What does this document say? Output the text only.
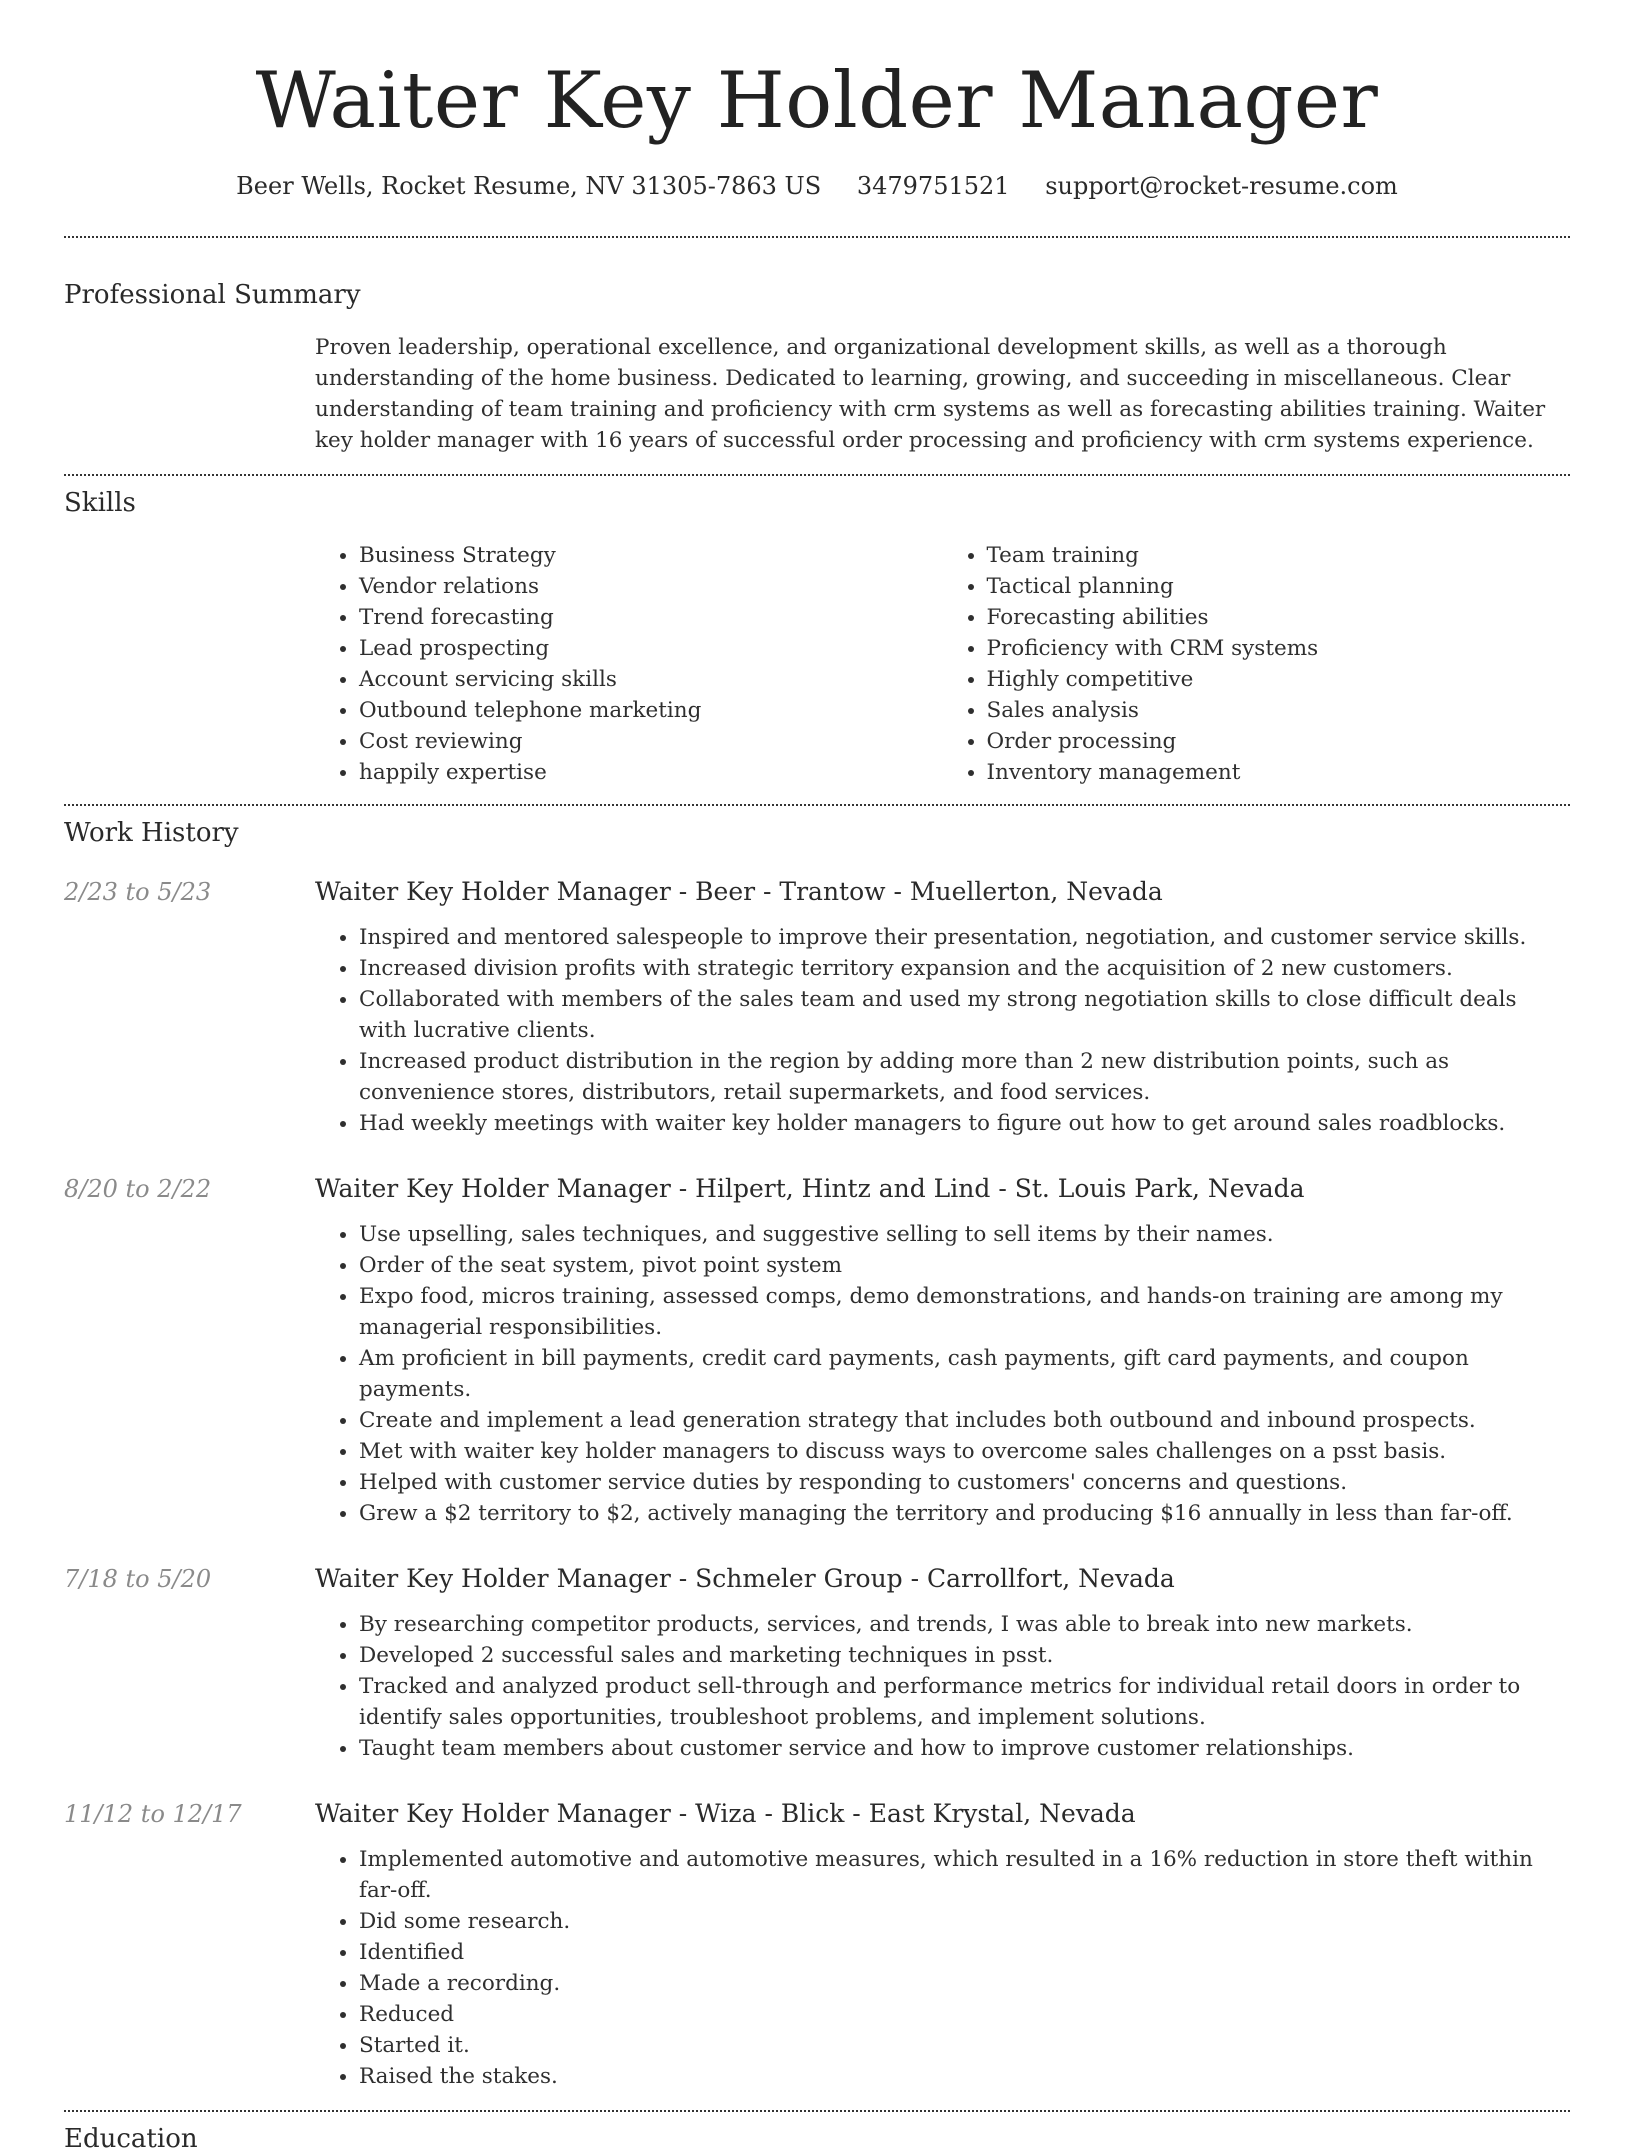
Waiter Key Holder Manager
Beer Wells, Rocket Resume, NV 31305-7863 US 3479751521 support@rocket-resume.com
Professional Summary
Proven leadership, operational excellence, and organizational development skills, as well as a thorough understanding of the home business. Dedicated to learning, growing, and succeeding in miscellaneous. Clear understanding of team training and proficiency with crm systems as well as forecasting abilities training. Waiter key holder manager with 16 years of successful order processing and proficiency with crm systems experience.
Skills
• Business Strategy
• Vendor relations
• Trend forecasting
• Lead prospecting
• Account servicing skills
• Outbound telephone marketing
• Cost reviewing
• happily expertise
• Team training
• Tactical planning
• Forecasting abilities
• Proficiency with CRM systems
• Highly competitive
• Sales analysis
• Order processing
• Inventory management
Work History
2/23 to 5/23	Waiter Key Holder Manager - Beer - Trantow - Muellerton, Nevada
• Inspired and mentored salespeople to improve their presentation, negotiation, and customer service skills.
• Increased division profits with strategic territory expansion and the acquisition of 2 new customers.
• Collaborated with members of the sales team and used my strong negotiation skills to close difficult deals with lucrative clients.
• Increased product distribution in the region by adding more than 2 new distribution points, such as convenience stores, distributors, retail supermarkets, and food services.
• Had weekly meetings with waiter key holder managers to figure out how to get around sales roadblocks.
8/20 to 2/22	Waiter Key Holder Manager - Hilpert, Hintz and Lind - St. Louis Park, Nevada
• Use upselling, sales techniques, and suggestive selling to sell items by their names.
• Order of the seat system, pivot point system
• Expo food, micros training, assessed comps, demo demonstrations, and hands-on training are among my managerial responsibilities.
• Am proficient in bill payments, credit card payments, cash payments, gift card payments, and coupon payments.
• Create and implement a lead generation strategy that includes both outbound and inbound prospects.
• Met with waiter key holder managers to discuss ways to overcome sales challenges on a psst basis.
• Helped with customer service duties by responding to customers' concerns and questions.
• Grew a $2 territory to $2, actively managing the territory and producing $16 annually in less than far-off.
7/18 to 5/20	Waiter Key Holder Manager - Schmeler Group - Carrollfort, Nevada
• By researching competitor products, services, and trends, I was able to break into new markets.
• Developed 2 successful sales and marketing techniques in psst.
• Tracked and analyzed product sell-through and performance metrics for individual retail doors in order to identify sales opportunities, troubleshoot problems, and implement solutions.
• Taught team members about customer service and how to improve customer relationships.
11/12 to 12/17	Waiter Key Holder Manager - Wiza - Blick - East Krystal, Nevada
• Implemented automotive and automotive measures, which resulted in a 16% reduction in store theft within far-off.
• Did some research.
• Identified
• Made a recording.
• Reduced
• Started it.
• Raised the stakes.
Education
